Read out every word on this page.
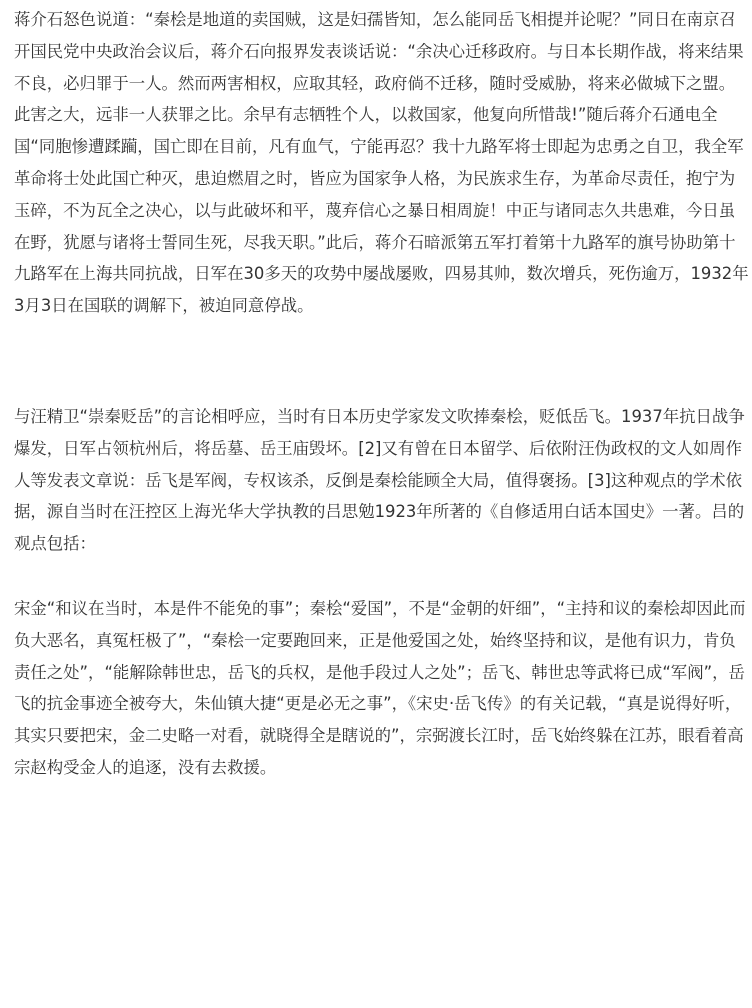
蒋介石怒色说道：“秦桧是地道的卖国贼，这是妇孺皆知，怎么能同岳飞相提并论呢？”同日在南京召开国民党中央政治会议后，蒋介石向报界发表谈话说：“余决心迁移政府。与日本长期作战，将来结果不良，必归罪于一人。然而两害相权，应取其轻，政府倘不迁移，随时受威胁，将来必做城下之盟。此害之大，远非一人获罪之比。余早有志牺牲个人，以救国家，他复向所惜哉!”随后蒋介石通电全国“同胞惨遭蹂躏，国亡即在目前，凡有血气，宁能再忍？我十九路军将士即起为忠勇之自卫，我全军革命将士处此国亡种灭，患迫燃眉之时，皆应为国家争人格，为民族求生存，为革命尽责任，抱宁为玉碎，不为瓦全之决心，以与此破坏和平，蔑弃信心之暴日相周旋！中正与诸同志久共患难，今日虽在野，犹愿与诸将士誓同生死，尽我天职。”此后，蒋介石暗派第五军打着第十九路军的旗号协助第十九路军在上海共同抗战，日军在30多天的攻势中屡战屡败，四易其帅，数次增兵，死伤逾万，1932年3月3日在国联的调解下，被迫同意停战。

与汪精卫“崇秦贬岳”的言论相呼应，当时有日本历史学家发文吹捧秦桧，贬低岳飞。1937年抗日战争爆发，日军占领杭州后，将岳墓、岳王庙毁坏。[2]又有曾在日本留学、后依附汪伪政权的文人如周作人等发表文章说：岳飞是军阀，专权该杀，反倒是秦桧能顾全大局，值得褒扬。[3]这种观点的学术依据，源自当时在汪控区上海光华大学执教的吕思勉1923年所著的《自修适用白话本国史》一著。吕的观点包括：

宋金“和议在当时，本是件不能免的事”；秦桧“爱国”，不是“金朝的奸细”，“主持和议的秦桧却因此而负大恶名，真冤枉极了”，“秦桧一定要跑回来，正是他爱国之处，始终坚持和议，是他有识力，肯负责任之处”，“能解除韩世忠，岳飞的兵权，是他手段过人之处”；岳飞、韩世忠等武将已成“军阀”，岳飞的抗金事迹全被夸大，朱仙镇大捷“更是必无之事”，《宋史·岳飞传》的有关记载，“真是说得好听，其实只要把宋，金二史略一对看，就晓得全是瞎说的”，宗弼渡长江时，岳飞始终躲在江苏，眼看着高宗赵构受金人的追逐，没有去救援。
